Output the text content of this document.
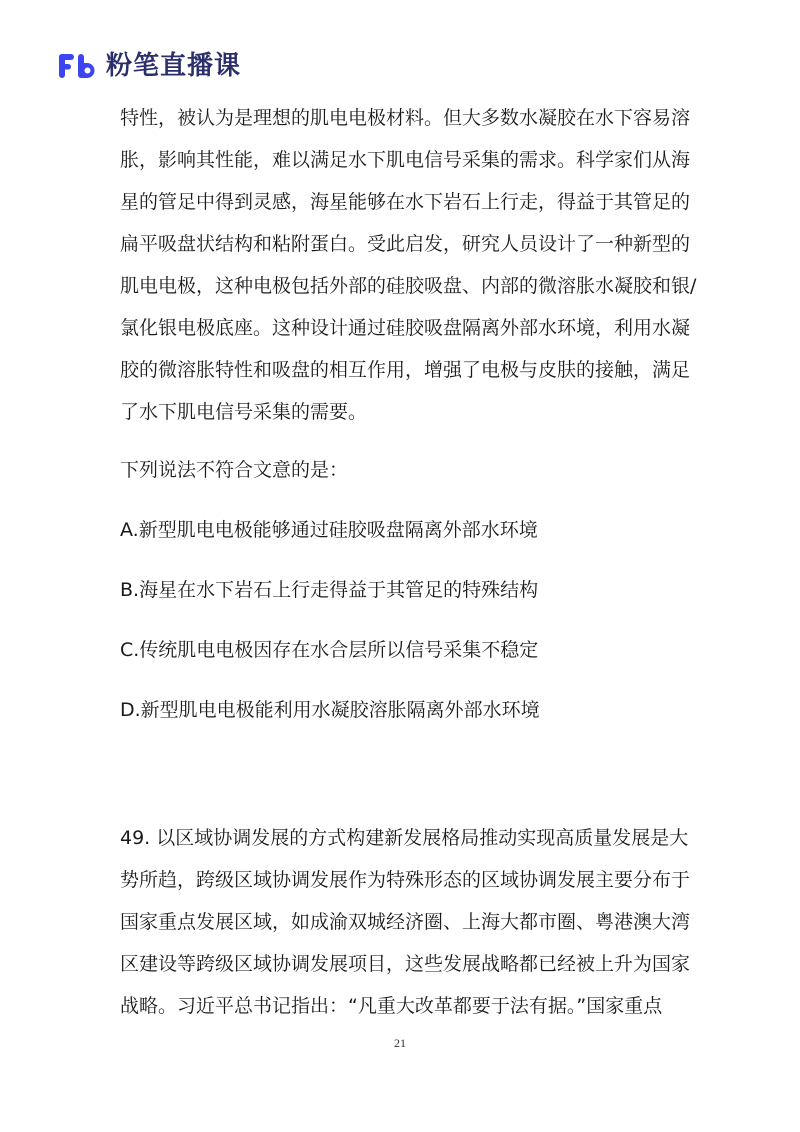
粉笔直播课

特性，被认为是理想的肌电电极材料。但大多数水凝胶在水下容易溶

胀，影响其性能，难以满足水下肌电信号采集的需求。科学家们从海

星的管足中得到灵感，海星能够在水下岩石上行走，得益于其管足的

扁平吸盘状结构和粘附蛋白。受此启发，研究人员设计了一种新型的

肌电电极，这种电极包括外部的硅胶吸盘、内部的微溶胀水凝胶和银/

氯化银电极底座。这种设计通过硅胶吸盘隔离外部水环境，利用水凝

胶的微溶胀特性和吸盘的相互作用，增强了电极与皮肤的接触，满足

了水下肌电信号采集的需要。

下列说法不符合文意的是：

A.新型肌电电极能够通过硅胶吸盘隔离外部水环境

B.海星在水下岩石上行走得益于其管足的特殊结构

C.传统肌电电极因存在水合层所以信号采集不稳定

D.新型肌电电极能利用水凝胶溶胀隔离外部水环境

49. 以区域协调发展的方式构建新发展格局推动实现高质量发展是大

势所趋，跨级区域协调发展作为特殊形态的区域协调发展主要分布于

国家重点发展区域，如成渝双城经济圈、上海大都市圈、粤港澳大湾

区建设等跨级区域协调发展项目，这些发展战略都已经被上升为国家

战略。习近平总书记指出：“凡重大改革都要于法有据。”国家重点

21
